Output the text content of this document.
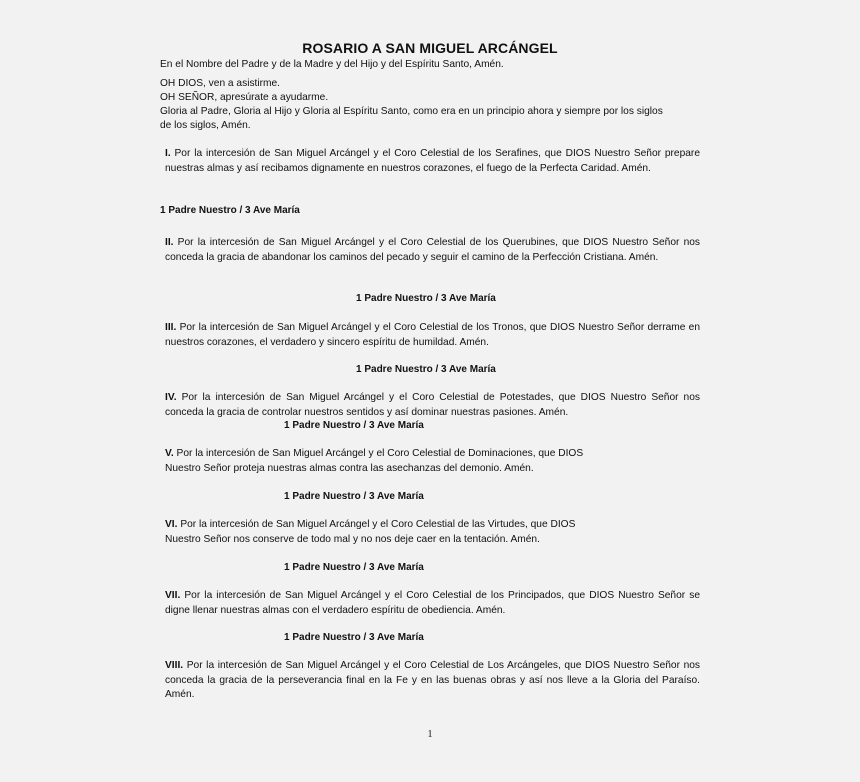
ROSARIO A SAN MIGUEL ARCÁNGEL
En el Nombre del Padre y de la Madre y del Hijo y del Espíritu Santo, Amén.
OH DIOS, ven a asistirme.
OH SEÑOR, apresúrate a ayudarme.
Gloria al Padre, Gloria al Hijo y Gloria al Espíritu Santo, como era en un principio ahora y siempre por los siglos
de los siglos, Amén.
I. Por la intercesión de San Miguel Arcángel y el Coro Celestial de los Serafines, que DIOS Nuestro Señor prepare nuestras almas y así recibamos dignamente en nuestros corazones, el fuego de la Perfecta Caridad. Amén.
1 Padre Nuestro / 3 Ave María
II. Por la intercesión de San Miguel Arcángel y el Coro Celestial de los Querubines, que DIOS Nuestro Señor nos conceda la gracia de abandonar los caminos del pecado y seguir el camino de la Perfección Cristiana. Amén.
1 Padre Nuestro / 3 Ave María
III. Por la intercesión de San Miguel Arcángel y el Coro Celestial de los Tronos, que DIOS Nuestro Señor derrame en nuestros corazones, el verdadero y sincero espíritu de humildad. Amén.
1 Padre Nuestro / 3 Ave María
IV. Por la intercesión de San Miguel Arcángel y el Coro Celestial de Potestades, que DIOS Nuestro Señor nos conceda la gracia de controlar nuestros sentidos y así dominar nuestras pasiones. Amén.
1 Padre Nuestro / 3 Ave María
V. Por la intercesión de San Miguel Arcángel y el Coro Celestial de Dominaciones, que DIOS Nuestro Señor proteja nuestras almas contra las asechanzas del demonio. Amén.
1 Padre Nuestro / 3 Ave María
VI. Por la intercesión de San Miguel Arcángel y el Coro Celestial de las Virtudes, que DIOS Nuestro Señor nos conserve de todo mal y no nos deje caer en la tentación. Amén.
1 Padre Nuestro / 3 Ave María
VII. Por la intercesión de San Miguel Arcángel y el Coro Celestial de los Principados, que DIOS Nuestro Señor se digne llenar nuestras almas con el verdadero espíritu de obediencia. Amén.
1 Padre Nuestro / 3 Ave María
VIII. Por la intercesión de San Miguel Arcángel y el Coro Celestial de Los Arcángeles, que DIOS Nuestro Señor nos conceda la gracia de la perseverancia final en la Fe y en las buenas obras y así nos lleve a la Gloria del Paraíso. Amén.
1
